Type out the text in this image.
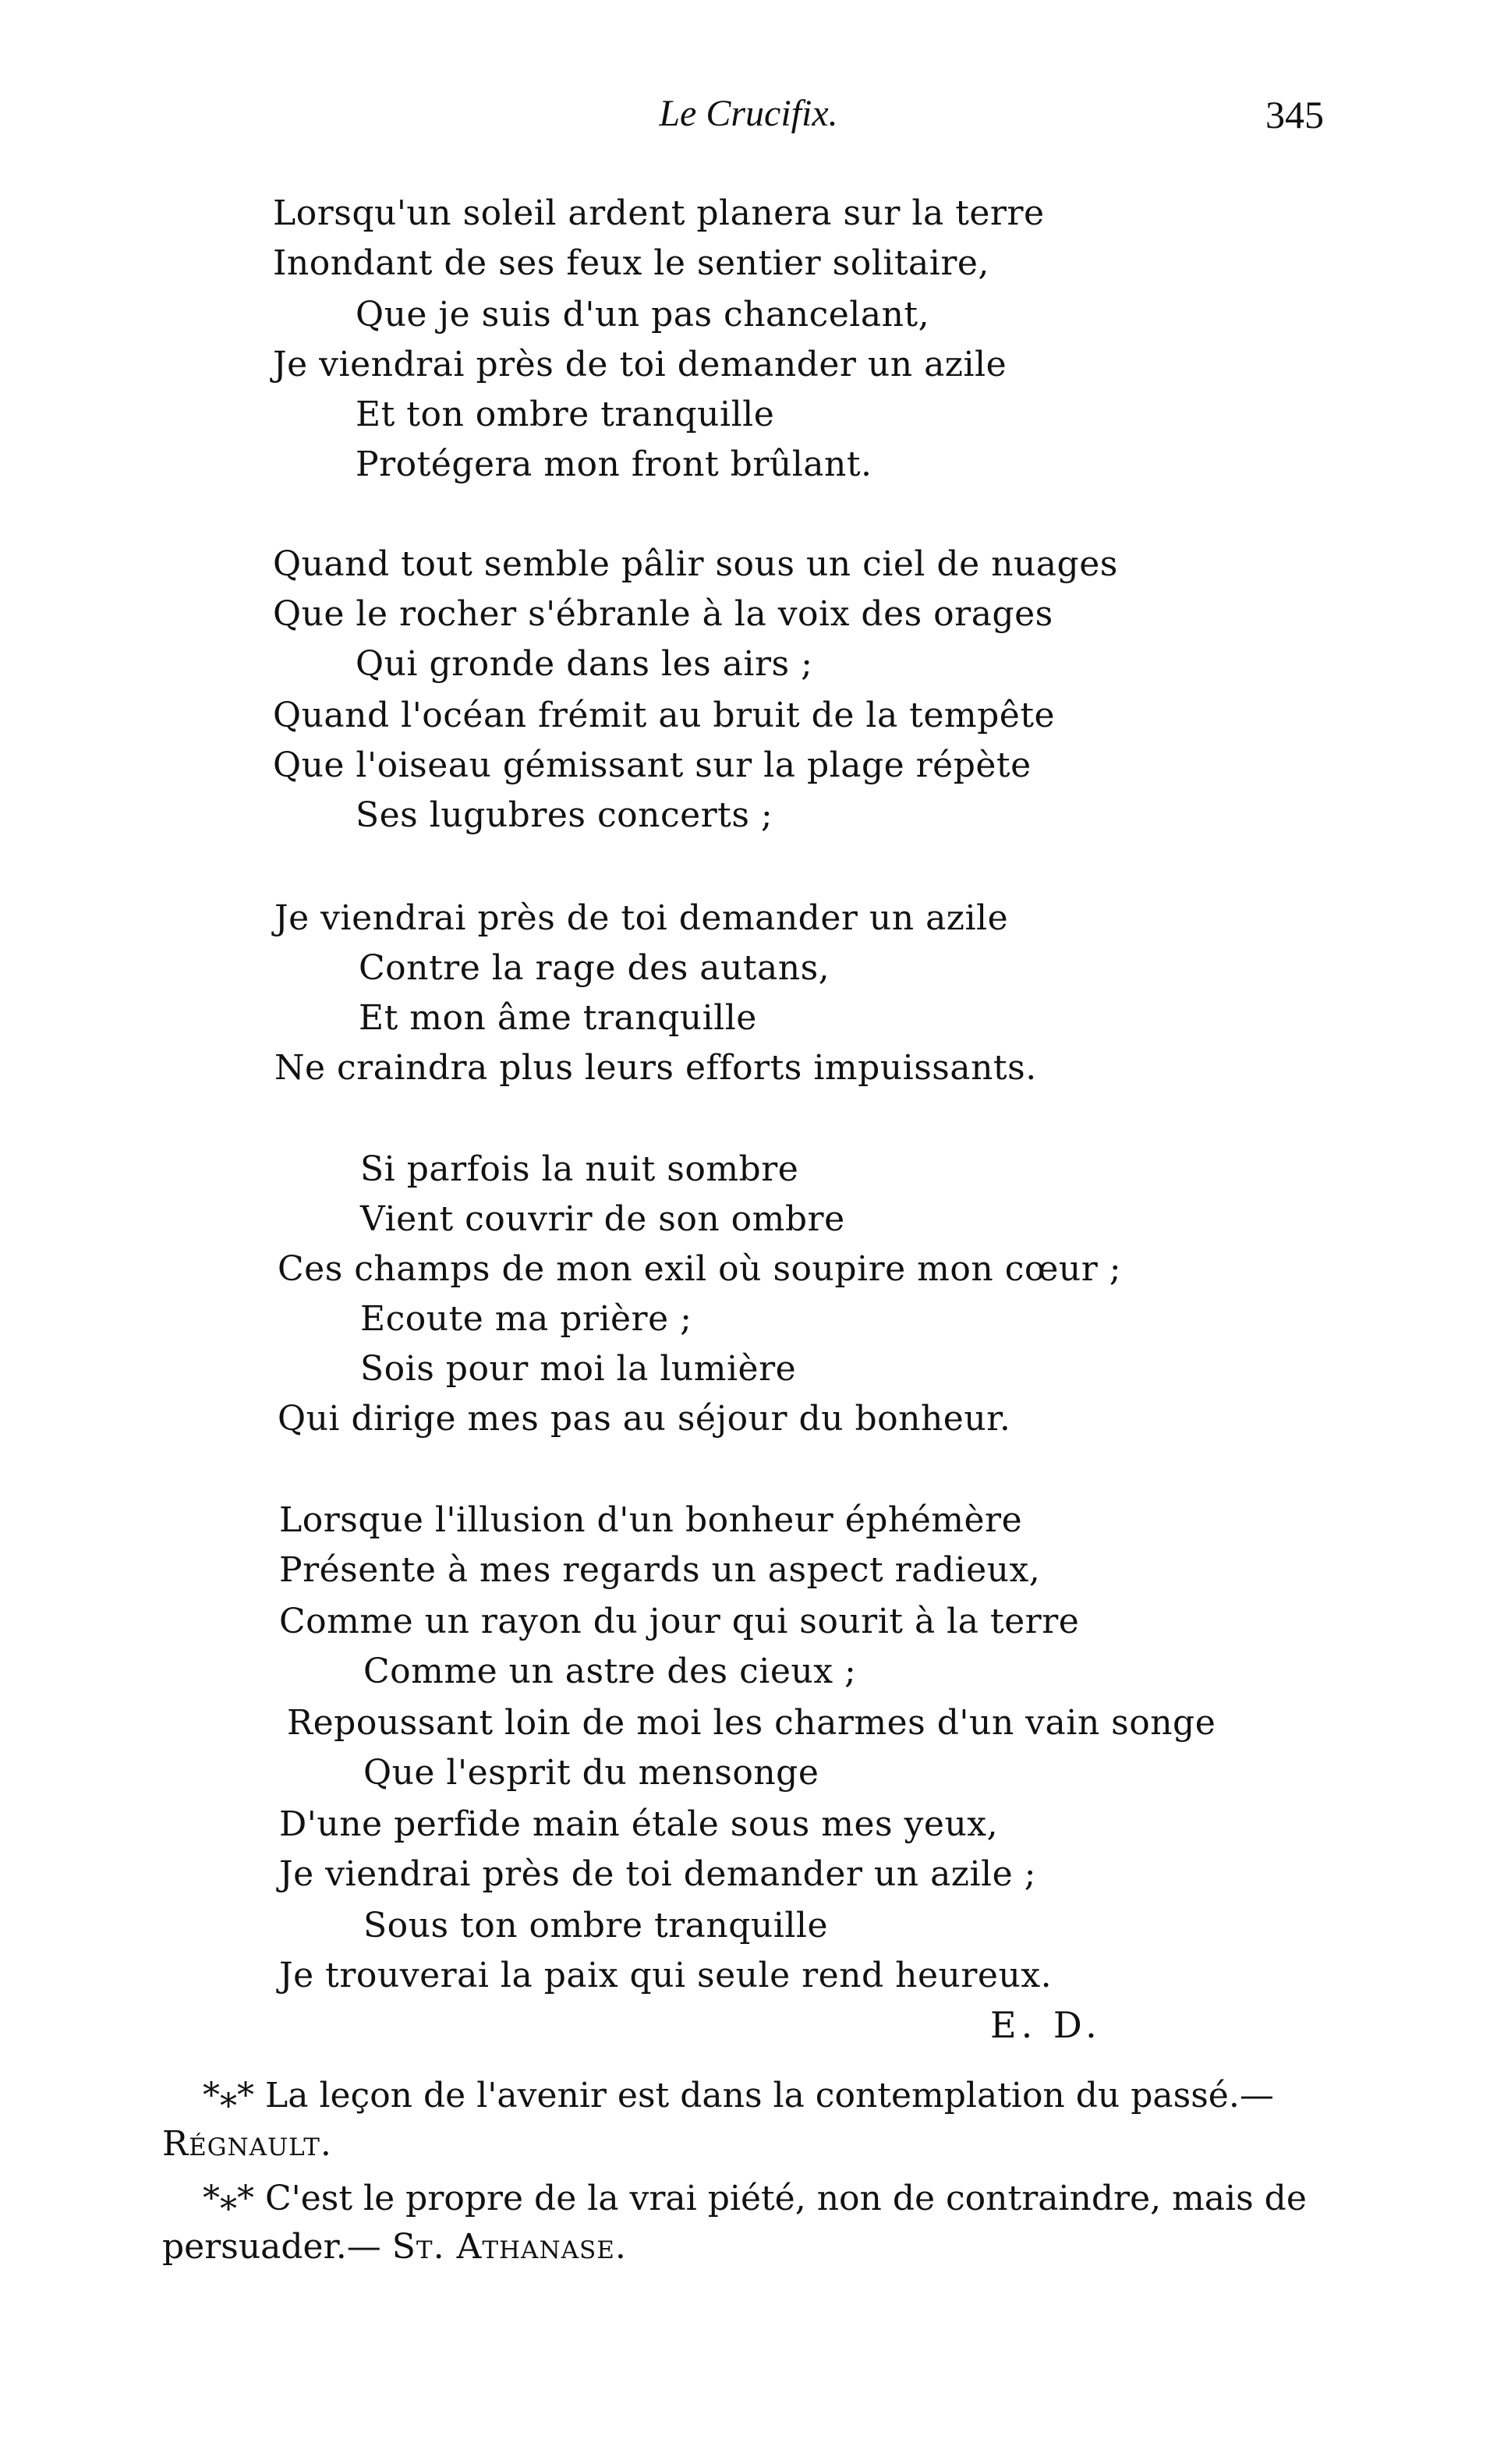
Le Crucifix.	345
Lorsqu'un soleil ardent planera sur la terre
Inondant de ses feux le sentier solitaire,
Que je suis d'un pas chancelant,
Je viendrai près de toi demander un azile
Et ton ombre tranquille
Protégera mon front brûlant.
Quand tout semble pâlir sous un ciel de nuages
Que le rocher s'ébranle à la voix des orages
Qui gronde dans les airs ;
Quand l'océan frémit au bruit de la tempête
Que l'oiseau gémissant sur la plage répète
Ses lugubres concerts ;
Je viendrai près de toi demander un azile
Contre la rage des autans,
Et mon âme tranquille
Ne craindra plus leurs efforts impuissants.
Si parfois la nuit sombre
Vient couvrir de son ombre
Ces champs de mon exil où soupire mon cœur ;
Ecoute ma prière ;
Sois pour moi la lumière
Qui dirige mes pas au séjour du bonheur.
Lorsque l'illusion d'un bonheur éphémère
Présente à mes regards un aspect radieux,
Comme un rayon du jour qui sourit à la terre
Comme un astre des cieux ;
Repoussant loin de moi les charmes d'un vain songe
Que l'esprit du mensonge
D'une perfide main étale sous mes yeux,
Je viendrai près de toi demander un azile ;
Sous ton ombre tranquille
Je trouverai la paix qui seule rend heureux.
E. D.
*⁎* La leçon de l'avenir est dans la contemplation du passé.—
Régnault.
*⁎* C'est le propre de la vrai piété, non de contraindre, mais de
persuader.— St. Athanase.
